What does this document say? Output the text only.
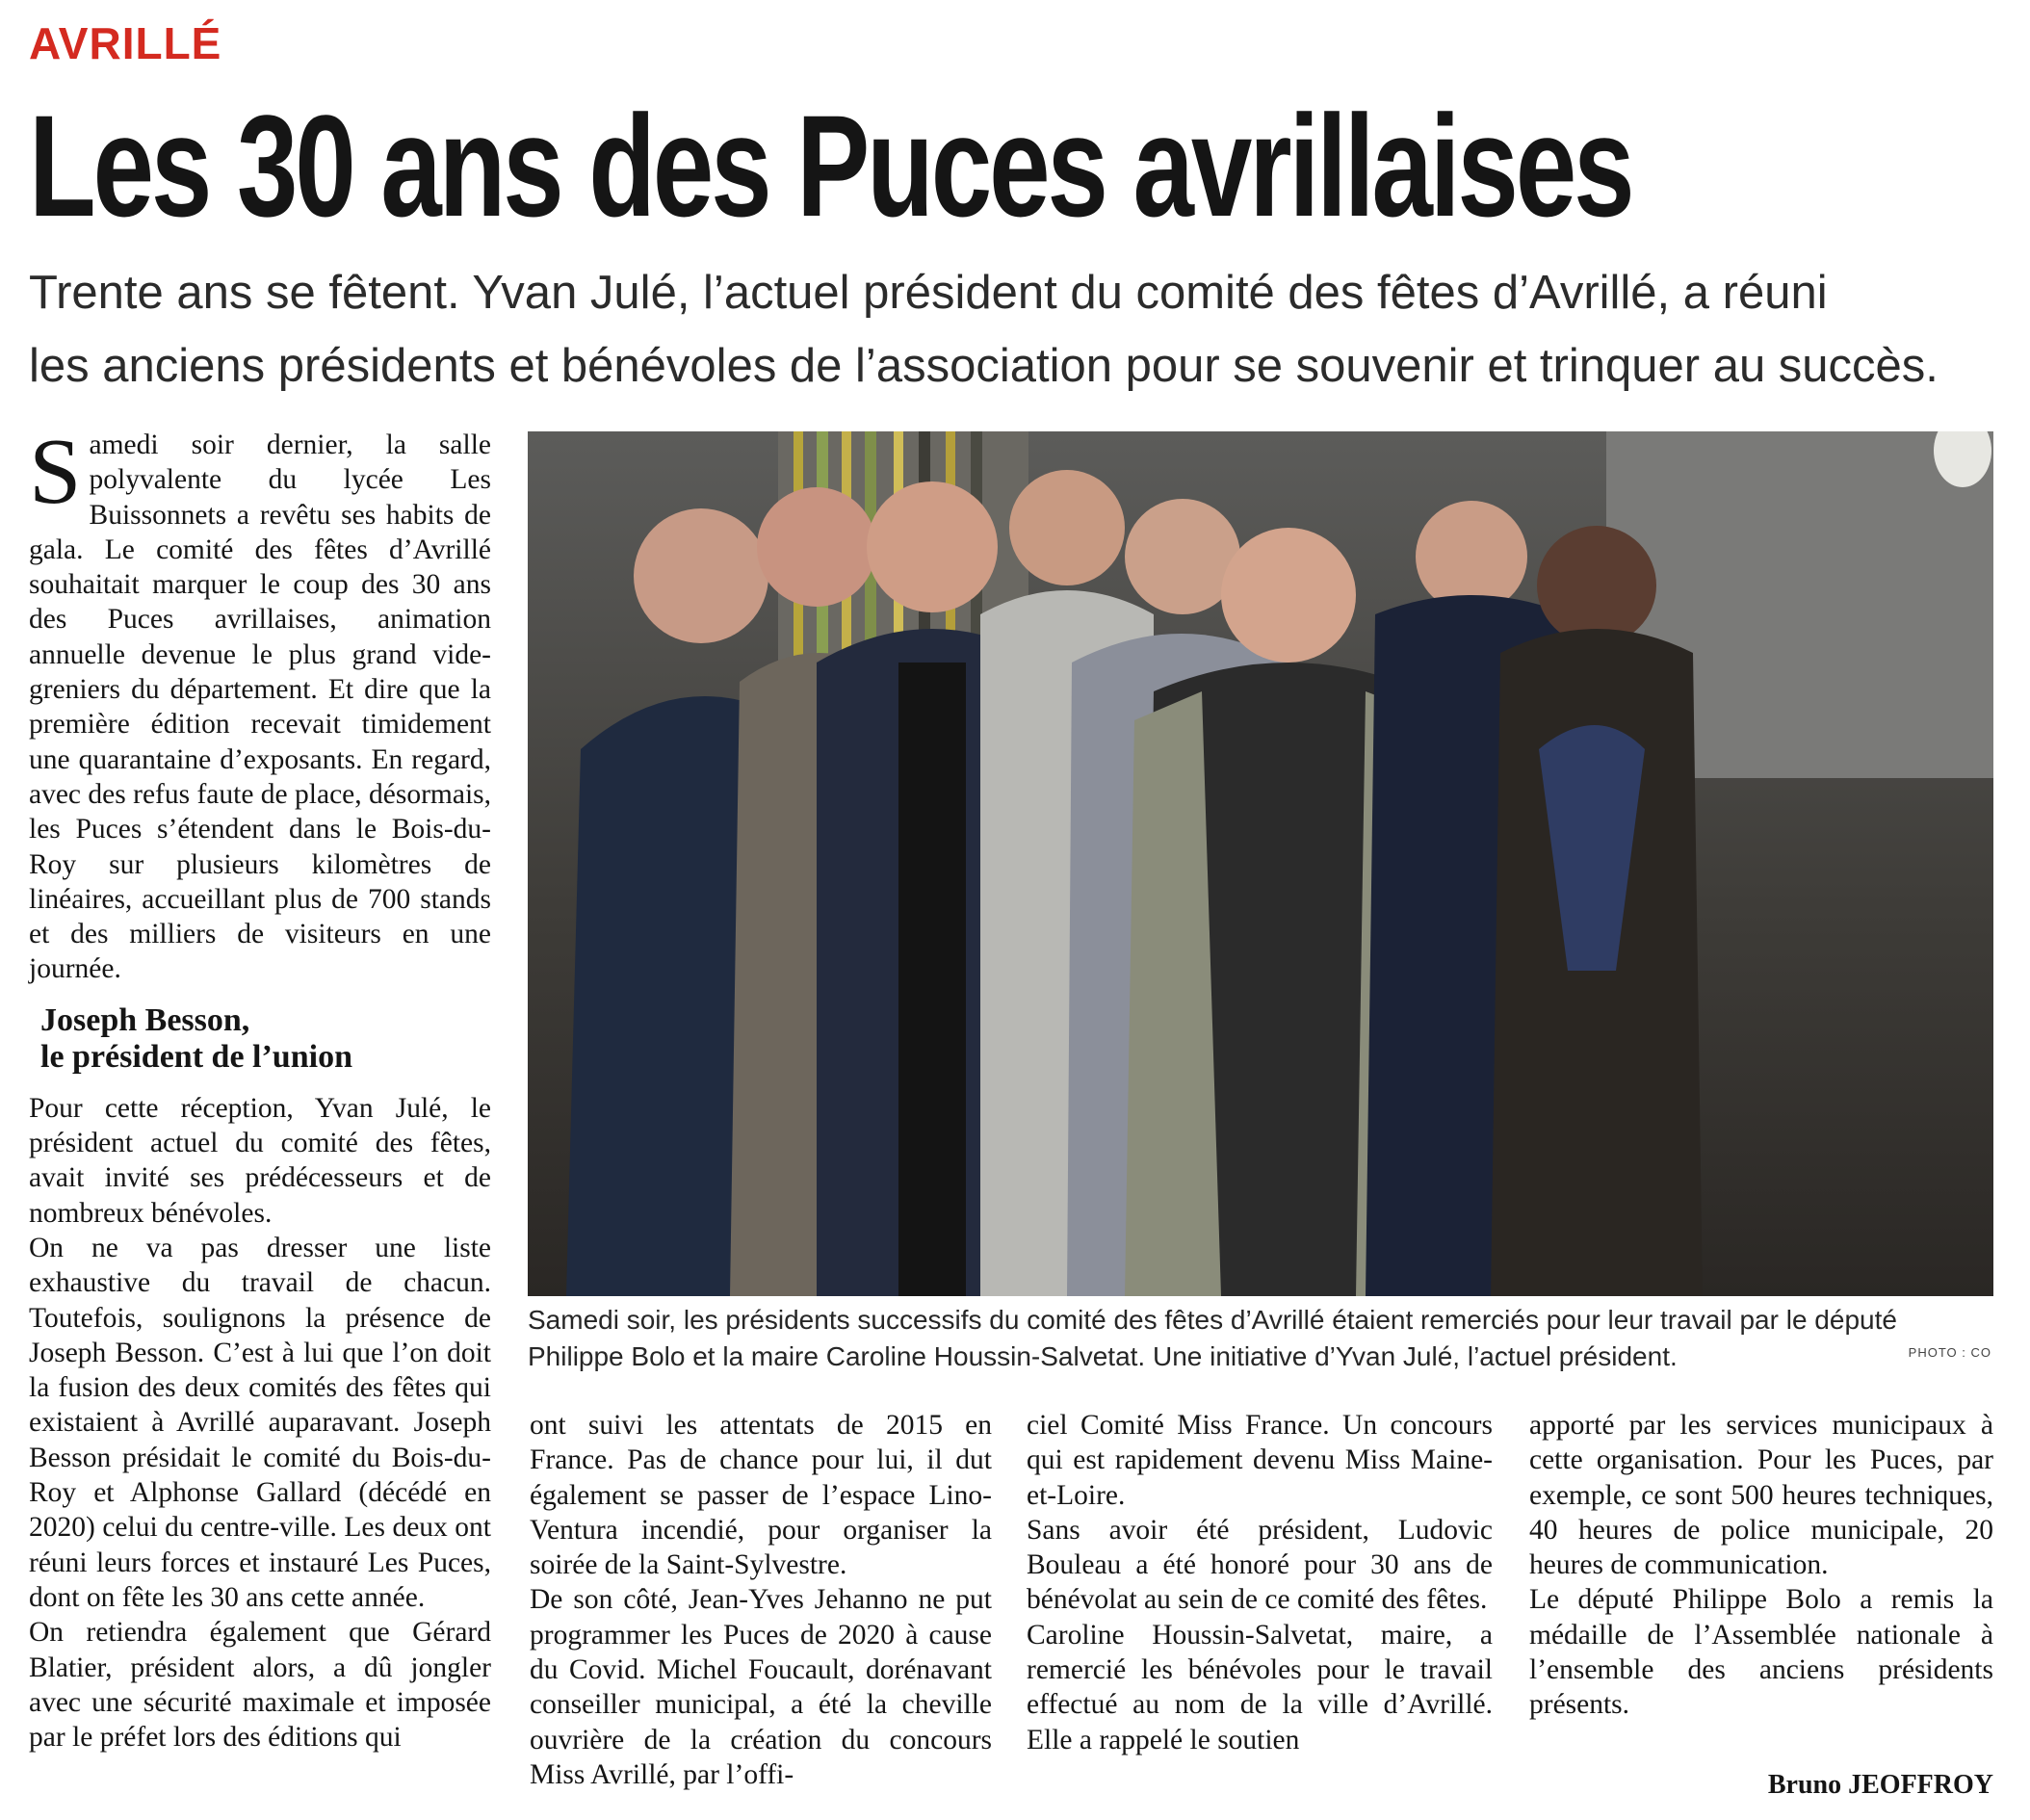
AVRILLÉ
Les 30 ans des Puces avrillaises
Trente ans se fêtent. Yvan Julé, l’actuel président du comité des fêtes d’Avrillé, a réuni
les anciens présidents et bénévoles de l’association pour se souvenir et trinquer au succès.

Samedi soir dernier, la salle polyvalente du lycée Les Buissonnets a revêtu ses habits de gala. Le comité des fêtes d’Avrillé souhaitait marquer le coup des 30 ans des Puces avrillaises, animation annuelle devenue le plus grand vide-greniers du département. Et dire que la première édition recevait timidement une quarantaine d’exposants. En regard, avec des refus faute de place, désormais, les Puces s’étendent dans le Bois-du-Roy sur plusieurs kilomètres de linéaires, accueillant plus de 700 stands et des milliers de visiteurs en une journée.

Joseph Besson,
le président de l’union

Pour cette réception, Yvan Julé, le président actuel du comité des fêtes, avait invité ses prédécesseurs et de nombreux bénévoles.

On ne va pas dresser une liste exhaustive du travail de chacun. Toutefois, soulignons la présence de Joseph Besson. C’est à lui que l’on doit la fusion des deux comités des fêtes qui existaient à Avrillé auparavant. Joseph Besson présidait le comité du Bois-du-Roy et Alphonse Gallard (décédé en 2020) celui du centre-ville. Les deux ont réuni leurs forces et instauré Les Puces, dont on fête les 30 ans cette année.

On retiendra également que Gérard Blatier, président alors, a dû jongler avec une sécurité maximale et imposée par le préfet lors des éditions qui

Samedi soir, les présidents successifs du comité des fêtes d’Avrillé étaient remerciés pour leur travail par le député Philippe Bolo et la maire Caroline Houssin-Salvetat. Une initiative d’Yvan Julé, l’actuel président.	PHOTO : CO

ont suivi les attentats de 2015 en France. Pas de chance pour lui, il dut également se passer de l’espace Lino-Ventura incendié, pour organiser la soirée de la Saint-Sylvestre.

De son côté, Jean-Yves Jehanno ne put programmer les Puces de 2020 à cause du Covid. Michel Foucault, dorénavant conseiller municipal, a été la cheville ouvrière de la création du concours Miss Avrillé, par l’offi-

ciel Comité Miss France. Un concours qui est rapidement devenu Miss Maine-et-Loire.

Sans avoir été président, Ludovic Bouleau a été honoré pour 30 ans de bénévolat au sein de ce comité des fêtes.

Caroline Houssin-Salvetat, maire, a remercié les bénévoles pour le travail effectué au nom de la ville d’Avrillé. Elle a rappelé le soutien

apporté par les services municipaux à cette organisation. Pour les Puces, par exemple, ce sont 500 heures techniques, 40 heures de police municipale, 20 heures de communication.

Le député Philippe Bolo a remis la médaille de l’Assemblée nationale à l’ensemble des anciens présidents présents.

Bruno JEOFFROY
